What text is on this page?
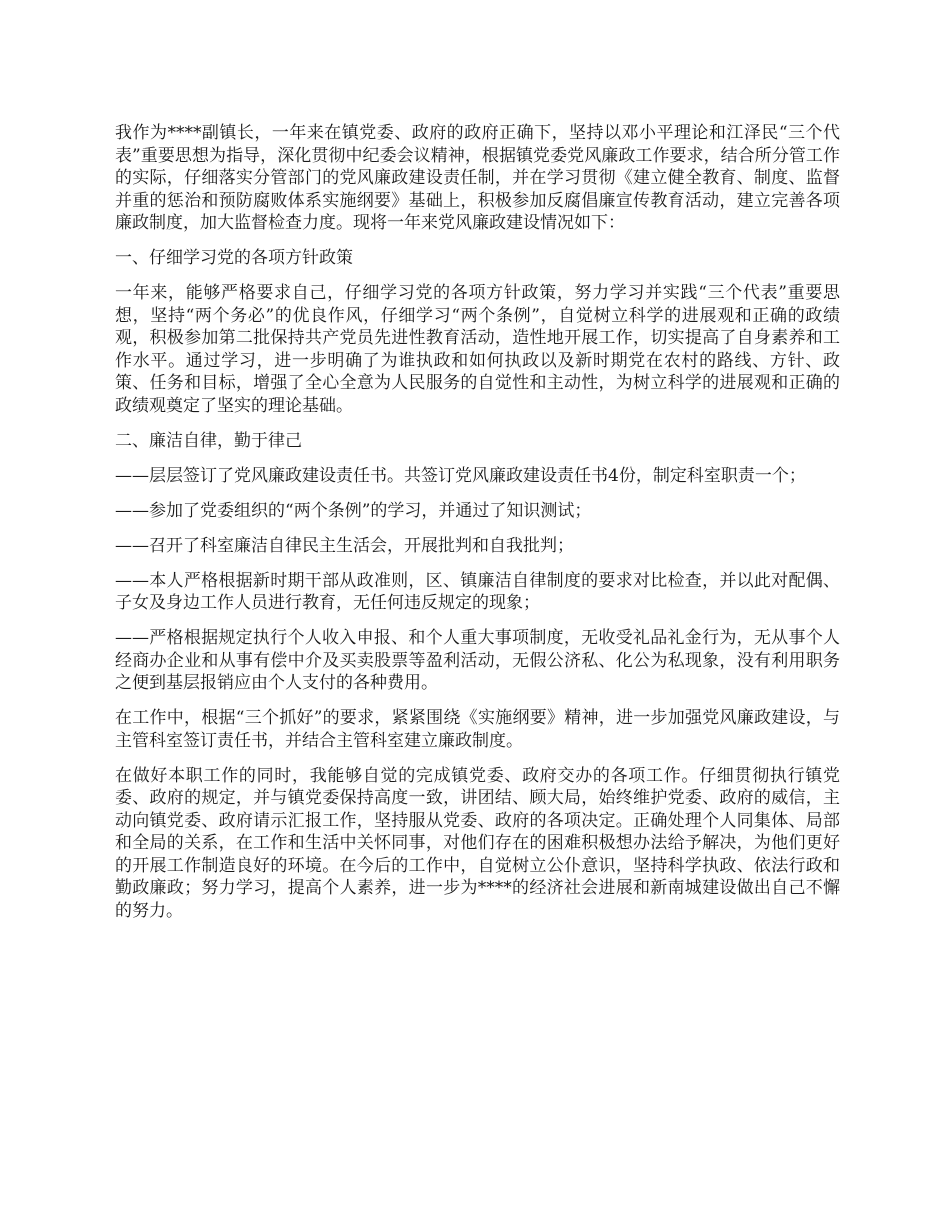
我作为****副镇长，一年来在镇党委、政府的政府正确下，坚持以邓小平理论和江泽民“三个代表”重要思想为指导，深化贯彻中纪委会议精神，根据镇党委党风廉政工作要求，结合所分管工作的实际，仔细落实分管部门的党风廉政建设责任制，并在学习贯彻《建立健全教育、制度、监督并重的惩治和预防腐败体系实施纲要》基础上，积极参加反腐倡廉宣传教育活动，建立完善各项廉政制度，加大监督检查力度。现将一年来党风廉政建设情况如下：

一、仔细学习党的各项方针政策

一年来，能够严格要求自己，仔细学习党的各项方针政策，努力学习并实践“三个代表”重要思想，坚持“两个务必”的优良作风，仔细学习“两个条例”，自觉树立科学的进展观和正确的政绩观，积极参加第二批保持共产党员先进性教育活动，造性地开展工作，切实提高了自身素养和工作水平。通过学习，进一步明确了为谁执政和如何执政以及新时期党在农村的路线、方针、政策、任务和目标，增强了全心全意为人民服务的自觉性和主动性，为树立科学的进展观和正确的政绩观奠定了坚实的理论基础。

二、廉洁自律，勤于律己

——层层签订了党风廉政建设责任书。共签订党风廉政建设责任书4份，制定科室职责一个；

——参加了党委组织的“两个条例”的学习，并通过了知识测试；

——召开了科室廉洁自律民主生活会，开展批判和自我批判；

——本人严格根据新时期干部从政准则，区、镇廉洁自律制度的要求对比检查，并以此对配偶、子女及身边工作人员进行教育，无任何违反规定的现象；

——严格根据规定执行个人收入申报、和个人重大事项制度，无收受礼品礼金行为，无从事个人经商办企业和从事有偿中介及买卖股票等盈利活动，无假公济私、化公为私现象，没有利用职务之便到基层报销应由个人支付的各种费用。

在工作中，根据“三个抓好”的要求，紧紧围绕《实施纲要》精神，进一步加强党风廉政建设，与主管科室签订责任书，并结合主管科室建立廉政制度。

在做好本职工作的同时，我能够自觉的完成镇党委、政府交办的各项工作。仔细贯彻执行镇党委、政府的规定，并与镇党委保持高度一致，讲团结、顾大局，始终维护党委、政府的威信，主动向镇党委、政府请示汇报工作，坚持服从党委、政府的各项决定。正确处理个人同集体、局部和全局的关系，在工作和生活中关怀同事，对他们存在的困难积极想办法给予解决，为他们更好的开展工作制造良好的环境。在今后的工作中，自觉树立公仆意识，坚持科学执政、依法行政和勤政廉政；努力学习，提高个人素养，进一步为****的经济社会进展和新南城建设做出自己不懈的努力。
